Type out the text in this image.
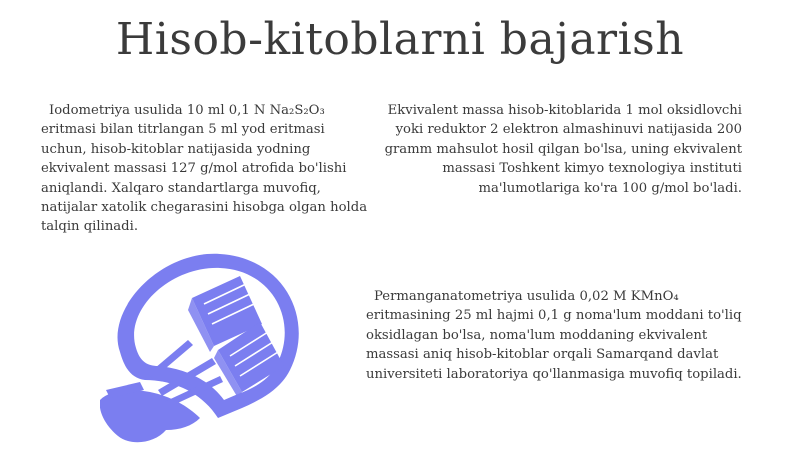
Hisob-kitoblarni bajarish

Iodometriya usulida 10 ml 0,1 N Na₂S₂O₃ eritmasi bilan titrlangan 5 ml yod eritmasi uchun, hisob-kitoblar natijasida yodning ekvivalent massasi 127 g/mol atrofida bo'lishi aniqlandi. Xalqaro standartlarga muvofiq, natijalar xatolik chegarasini hisobga olgan holda talqin qilinadi.

Ekvivalent massa hisob-kitoblarida 1 mol oksidlovchi yoki reduktor 2 elektron almashinuvi natijasida 200 gramm mahsulot hosil qilgan bo'lsa, uning ekvivalent massasi Toshkent kimyo texnologiya instituti ma'lumotlariga ko'ra 100 g/mol bo'ladi.

Permanganatometriya usulida 0,02 M KMnO₄ eritmasining 25 ml hajmi 0,1 g noma'lum moddani to'liq oksidlagan bo'lsa, noma'lum moddaning ekvivalent massasi aniq hisob-kitoblar orqali Samarqand davlat universiteti laboratoriya qo'llanmasiga muvofiq topiladi.
